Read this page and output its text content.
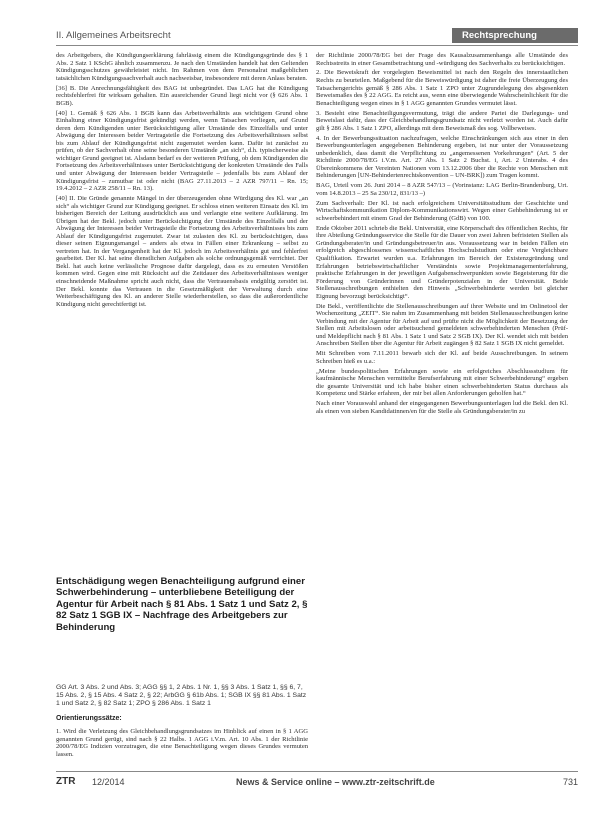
II. Allgemeines Arbeitsrecht	Rechtsprechung

des Arbeitgebers, die Kündigungserklärung fahrlässig einem die Kündigungsgründe des § 1 Abs. 2 Satz 1 KSchG ähnlich zusammenzu. Je nach den Umständen handelt hat den Geltenden Kündigungsschutzes gewährleistet nicht. Im Rahmen von dem Personalrat maßgeblichen tatsächlichen Kündigungssachverhalt auch nachweisbar, insbesondere mit deren Anlass beraten.

[36] B. Die Anrechnungsfähigkeit des BAG ist unbegründet. Das LAG hat die Kündigung rechtsfehlerfrei für wirksam gehalten. Ein ausreichender Grund liegt nicht vor (§ 626 Abs. 1 BGB).

[40] 1. Gemäß § 626 Abs. 1 BGB kann das Arbeitsverhältnis aus wichtigem Grund ohne Einhaltung einer Kündigungsfrist gekündigt werden, wenn Tatsachen vorliegen, auf Grund deren dem Kündigenden unter Berücksichtigung aller Umstände des Einzelfalls und unter Abwägung der Interessen beider Vertragsteile die Fortsetzung des Arbeitsverhältnisses selbst bis zum Ablauf der Kündigungsfrist nicht zugemutet werden kann. Dafür ist zunächst zu prüfen, ob der Sachverhalt ohne seine besonderen Umstände „an sich“, d.h. typischerweise als wichtiger Grund geeignet ist. Alsdann bedarf es der weiteren Prüfung, ob dem Kündigenden die Fortsetzung des Arbeitsverhältnisses unter Berücksichtigung der konkreten Umstände des Falls und unter Abwägung der Interessen beider Vertragsteile – jedenfalls bis zum Ablauf der Kündigungsfrist – zumutbar ist oder nicht (BAG 27.11.2013 – 2 AZR 797/11 – Rn. 15; 19.4.2012 – 2 AZR 258/11 – Rn. 13).

[40] II. Die Gründe genannte Mängel in der überzeugenden ohne Würdigung des Kl. war „an sich“ als wichtiger Grund zur Kündigung geeignet. Er schloss einen weiteren Einsatz des Kl. im bisherigen Bereich der Leitung ausdrücklich aus und verlangte eine weitere Aufklärung. Im Übrigen hat der Bekl. jedoch unter Berücksichtigung der Umstände des Einzelfalls und der Abwägung der Interessen beider Vertragsteile die Fortsetzung des Arbeitsverhältnisses bis zum Ablauf der Kündigungsfrist zugemutet. Zwar ist zulasten des Kl. zu berücksichtigen, dass dieser seinen Eignungsmangel – anders als etwa in Fällen einer Erkrankung – selbst zu vertreten hat. In der Vergangenheit hat der Kl. jedoch im Arbeitsverhältnis gut und fehlerfrei gearbeitet. Der Kl. hat seine dienstlichen Aufgaben als solche ordnungsgemäß verrichtet. Der Bekl. hat auch keine verlässliche Prognose dafür dargelegt, dass es zu erneuten Verstößen kommen wird. Gegen eine mit Rücksicht auf die Zeitdauer des Arbeitsverhältnisses weniger einschneidende Maßnahme spricht auch nicht, dass die Vertrauensbasis endgültig zerstört ist. Der Bekl. konnte das Vertrauen in die Gesetzmäßigkeit der Verwaltung durch eine Weiterbeschäftigung des Kl. an anderer Stelle wiederherstellen, so dass die außerordentliche Kündigung nicht gerechtfertigt ist.

Entschädigung wegen Benachteiligung aufgrund einer Schwerbehinderung – unterbliebene Beteiligung der Agentur für Arbeit nach § 81 Abs. 1 Satz 1 und Satz 2, § 82 Satz 1 SGB IX – Nachfrage des Arbeitgebers zur Behinderung
GG Art. 3 Abs. 2 und Abs. 3; AGG §§ 1, 2 Abs. 1 Nr. 1, §§ 3 Abs. 1 Satz 1, §§ 6, 7, 15 Abs. 2, § 15 Abs. 4 Satz 2, § 22; ArbGG § 61b Abs. 1; SGB IX §§ 81 Abs. 1 Satz 1 und Satz 2, § 82 Satz 1; ZPO § 286 Abs. 1 Satz 1
Orientierungssätze:
1. Wird die Verletzung des Gleichbehandlungsgrundsatzes im Hinblick auf einen in § 1 AGG genannten Grund gerügt, sind nach § 22 Halbs. 1 AGG i.V.m. Art. 10 Abs. 1 der Richtlinie 2000/78/EG Indizien vorzutragen, die eine Benachteiligung wegen dieses Grundes vermuten lassen.

der Richtlinie 2000/78/EG bei der Frage des Kausalzusammenhangs alle Umstände des Rechtsstreits in einer Gesamtbetrachtung und -würdigung des Sachverhalts zu berücksichtigen.

2. Die Beweiskraft der vorgelegten Beweismittel ist nach den Regeln des innerstaatlichen Rechts zu beurteilen. Maßgebend für die Beweiswürdigung ist daher die freie Überzeugung des Tatsachengerichts gemäß § 286 Abs. 1 Satz 1 ZPO unter Zugrundelegung des abgesenkten Beweismaßes des § 22 AGG. Es reicht aus, wenn eine überwiegende Wahrscheinlichkeit für die Benachteiligung wegen eines in § 1 AGG genannten Grundes vermutet lässt.

3. Besteht eine Benachteiligungsvermutung, trägt die andere Partei die Darlegungs- und Beweislast dafür, dass der Gleichbehandlungsgrundsatz nicht verletzt worden ist. Auch dafür gilt § 286 Abs. 1 Satz 1 ZPO, allerdings mit dem Beweismaß des sog. Vollbeweises.

4. In der Bewerbungssituation nachzufragen, welche Einschränkungen sich aus einer in den Bewerbungsunterlagen angegebenen Behinderung ergeben, ist nur unter der Voraussetzung unbedenklich, dass damit die Verpflichtung zu „angemessenen Vorkehrungen“ (Art. 5 der Richtlinie 2000/78/EG i.V.m. Art. 27 Abs. 1 Satz 2 Buchst. i, Art. 2 Unterabs. 4 des Übereinkommens der Vereinten Nationen vom 13.12.2006 über die Rechte von Menschen mit Behinderungen [UN-Behindertenrechtskonvention – UN-BRK]) zum Tragen kommt.

BAG, Urteil vom 26. Juni 2014 – 8 AZR 547/13 – (Vorinstanz: LAG Berlin-Brandenburg, Urt. vom 14.8.2013 – 25 Sa 230/12, 831/13 –)

Zum Sachverhalt: Der Kl. ist nach erfolgreichem Universitätsstudium der Geschichte und Wirtschaftskommunikation Diplom-Kommunikationswirt. Wegen einer Gehbehinderung ist er schwerbehindert mit einem Grad der Behinderung (GdB) von 100.

Ende Oktober 2011 schrieb die Bekl. Universität, eine Körperschaft des öffentlichen Rechts, für ihre Abteilung Gründungsservice die Stelle für die Dauer von zwei Jahren befristeten Stellen als Gründungsberater/in und Gründungsbetreuer/in aus. Voraussetzung war in beiden Fällen ein erfolgreich abgeschlossenes wissenschaftliches Hochschulstudium oder eine Vergleichbare Qualifikation. Erwartet wurden u.a. Erfahrungen im Bereich der Existenzgründung und Erfahrungen betriebswirtschaftlicher Verständnis sowie Projektmanagementerfahrung, praktische Erfahrungen in der jeweiligen Aufgabenschwerpunkten sowie Begeisterung für die Förderung von Gründerinnen und Gründerpotenzialen in der Universität. Beide Stellenausschreibungen enthielten den Hinweis „Schwerbehinderte werden bei gleicher Eignung bevorzugt berücksichtigt“.

Die Bekl., veröffentlichte die Stellenausschreibungen auf ihrer Website und im Onlinetool der Wochenzeitung „ZEIT“. Sie nahm im Zusammenhang mit beiden Stellenausschreibungen keine Verbindung mit der Agentur für Arbeit auf und prüfte nicht die Möglichkeit der Besetzung der Stellen mit Arbeitslosen oder arbeitsuchend gemeldeten schwerbehinderten Menschen (Prüf- und Meldepflicht nach § 81 Abs. 1 Satz 1 und Satz 2 SGB IX). Der Kl. wendet sich mit beiden Anschreiben Stellen über die Agentur für Arbeit zugängen § 82 Satz 1 SGB IX nicht gemeldet.

Mit Schreiben vom 7.11.2011 bewarb sich der Kl. auf beide Ausschreibungen. In seinem Schreiben hieß es u.a.:

„Meine bundespolitischen Erfahrungen sowie ein erfolgreiches Abschlussstudium für kaufmännische Menschen vermittelte Berufserfahrung mit einer Schwerbehinderung“ ergeben die gesamte Universität und ich habe bisher einen schwerbehinderten Status durchaus als Kompetenz und Stärke erfahren, der mir bei allen Anforderungen geholfen hat.“

Nach einer Vorauswahl anhand der eingegangenen Bewerbungsunterlagen lud die Bekl. den Kl. als einen von sieben Kandidatinnen/en für die Stelle als Gründungsberater/in zu

ZTR 12/2014	News & Service online – www.ztr-zeitschrift.de	731
